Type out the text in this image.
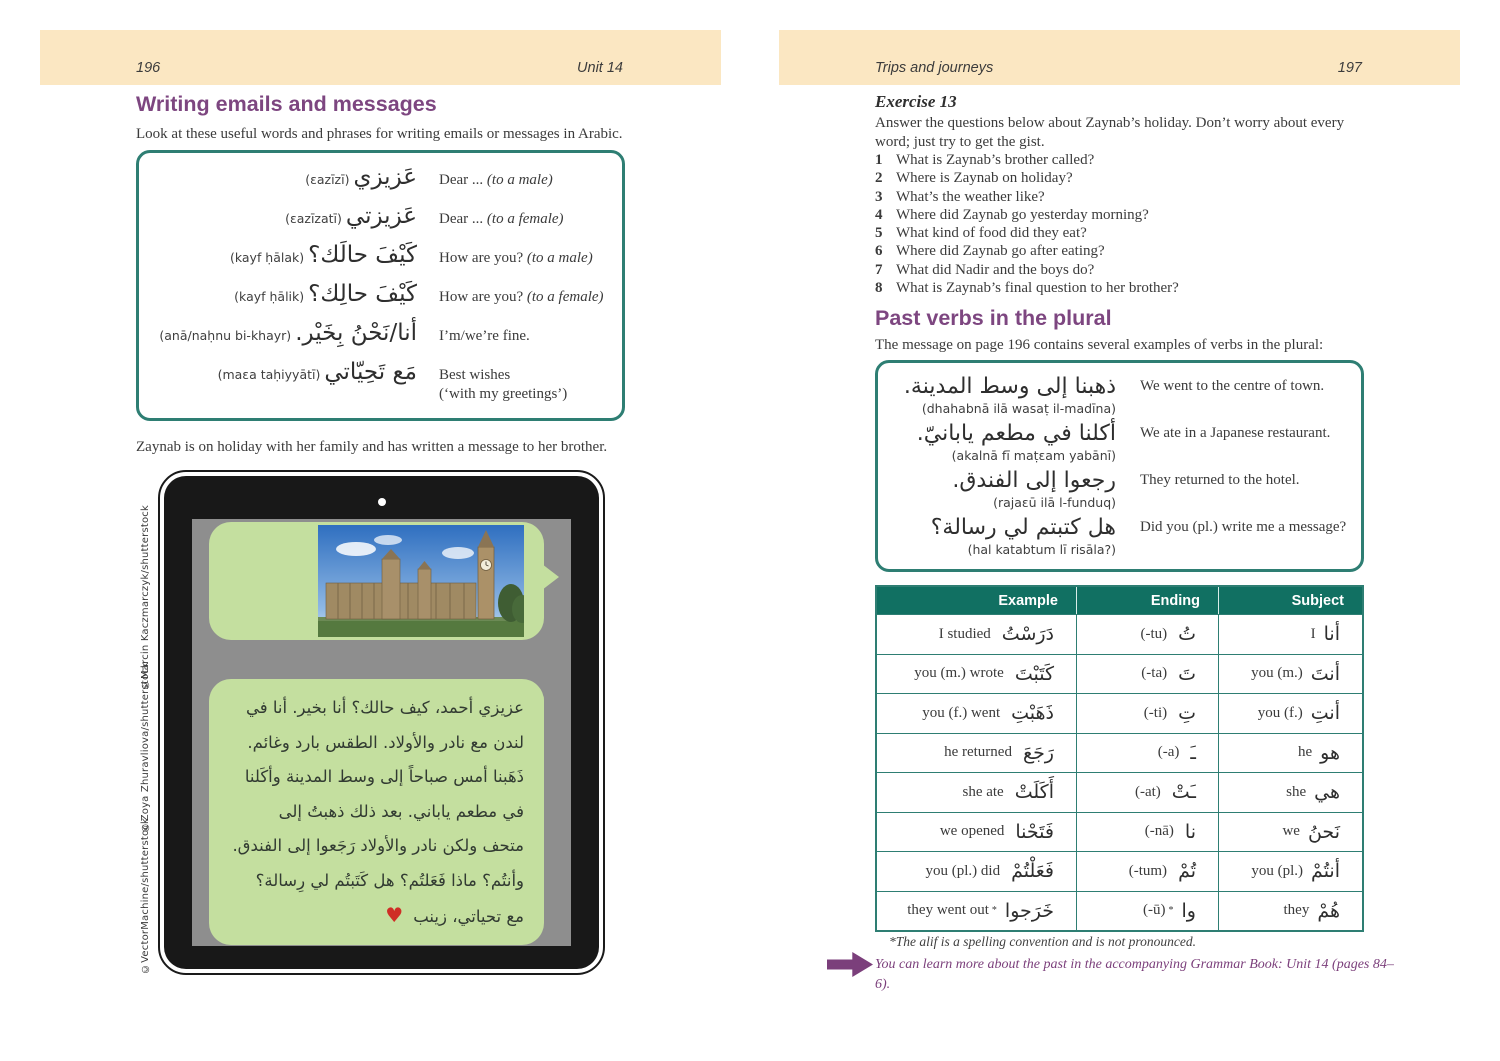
196	Unit 14
Writing emails and messages

Look at these useful words and phrases for writing emails or messages in Arabic.

(εazīzī) عَزيزي Dear ... (to a male)
(εazīzatī) عَزيزتي Dear ... (to a female)
(kayf ḥālak) كَيْفَ حالَك؟ How are you? (to a male)
(kayf ḥālik) كَيْفَ حالِك؟ How are you? (to a female)
(anā/naḥnu bi-khayr) أنا/نَحْنُ بِخَيْر. I’m/we’re fine.
(maεa taḥiyyātī) مَع تَحِيّاتي Best wishes
(‘with my greetings’)

Zaynab is on holiday with her family and has written a message to her brother.

©Marcin Kaczmarczyk/shutterstock
©Zoya Zhuravliova/shutterstock
©VectorMachine/shutterstock
عزيزي أحمد، كيف حالك؟ أنا بخير. أنا في
لندن مع نادر والأولاد. الطقس بارد وغائم.
ذَهَبنا أمس صباحاً إلى وسط المدينة وأكَلنا
في مطعم ياباني. بعد ذلك ذهبتُ إلى
متحف ولكن نادر والأولاد رَجَعوا إلى الفندق.
وأنتُم؟ ماذا فَعَلتُم؟ هل كَتَبتُم لي رِسالة؟
مع تحياتي، زينب♥
Trips and journeys	197
Exercise 13

Answer the questions below about Zaynab’s holiday. Don’t worry about every word; just try to get the gist.

1 What is Zaynab’s brother called?
2 Where is Zaynab on holiday?
3 What’s the weather like?
4 Where did Zaynab go yesterday morning?
5 What kind of food did they eat?
6 Where did Zaynab go after eating?
7 What did Nadir and the boys do?
8 What is Zaynab’s final question to her brother?
Past verbs in the plural

The message on page 196 contains several examples of verbs in the plural:

ذهبنا إلى وسط المدينة.
(dhahabnā ilā wasaṭ il-madīna)
We went to the centre of town.
أكلنا في مطعم يابانيّ.
(akalnā fī maṭεam yabānī)
We ate in a Japanese restaurant.
رجعوا إلى الفندق.
(rajaεū ilā l-funduq)
They returned to the hotel.
هل كتبتم لي رسالة؟
(hal katabtum lī risāla?)
Did you (pl.) write me a message?
Example	Ending	Subject
I studied دَرَسْتُ	(-tu) تُ	I أنا
you (m.) wrote كَتَبْتَ	(-ta) تَ	you (m.) أنتَ
you (f.) went ذَهَبْتِ	(-ti) تِ	you (f.) أنتِ
he returned رَجَعَ	(-a) ـَ	he هو
she ate أَكَلَتْ	(-at) ـَتْ	she هي
we opened فَتَحْنا	(-nā) نا	we نَحنُ
you (pl.) did فَعَلْتُمْ	(-tum) تُمْ	you (pl.) أنتُمْ
they went out * خَرَجوا	(-ū) * وا	they هُمْ

*The alif is a spelling convention and is not pronounced.

You can learn more about the past in the accompanying Grammar Book: Unit 14 (pages 84–6).
